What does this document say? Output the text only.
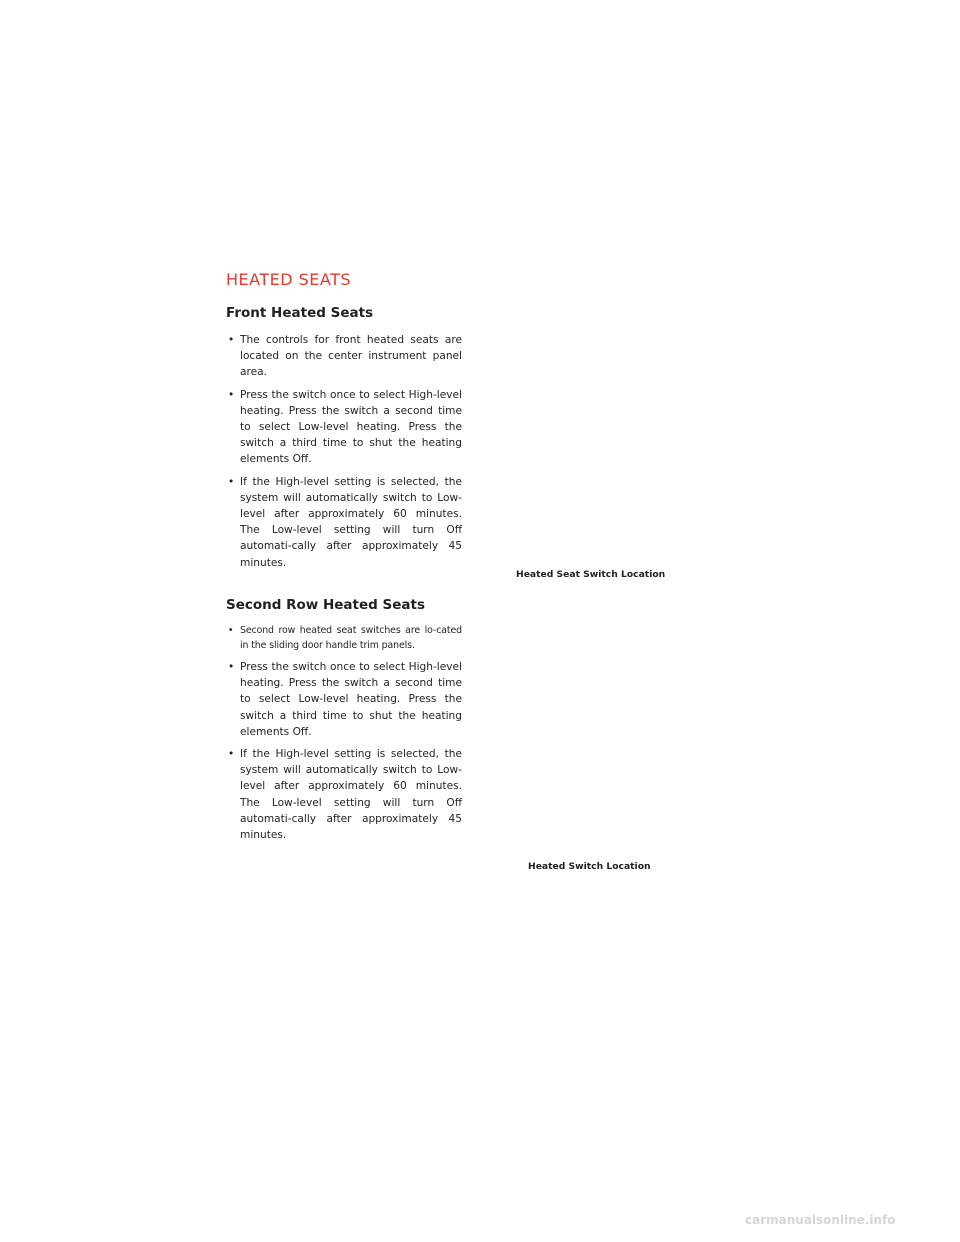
HEATED SEATS
Front Heated Seats
• The controls for front heated seats are located on the center instrument panel area.
• Press the switch once to select High-level heating. Press the switch a second time to select Low-level heating. Press the switch a third time to shut the heating elements Off.
• If the High-level setting is selected, the system will automatically switch to Low-level after approximately 60 minutes. The Low-level setting will turn Off automati-cally after approximately 45 minutes.

Heated Seat Switch Location

Second Row Heated Seats
• Second row heated seat switches are lo-cated in the sliding door handle trim panels.
• Press the switch once to select High-level heating. Press the switch a second time to select Low-level heating. Press the switch a third time to shut the heating elements Off.
• If the High-level setting is selected, the system will automatically switch to Low-level after approximately 60 minutes. The Low-level setting will turn Off automati-cally after approximately 45 minutes.

Heated Switch Location

carmanualsonline.info
